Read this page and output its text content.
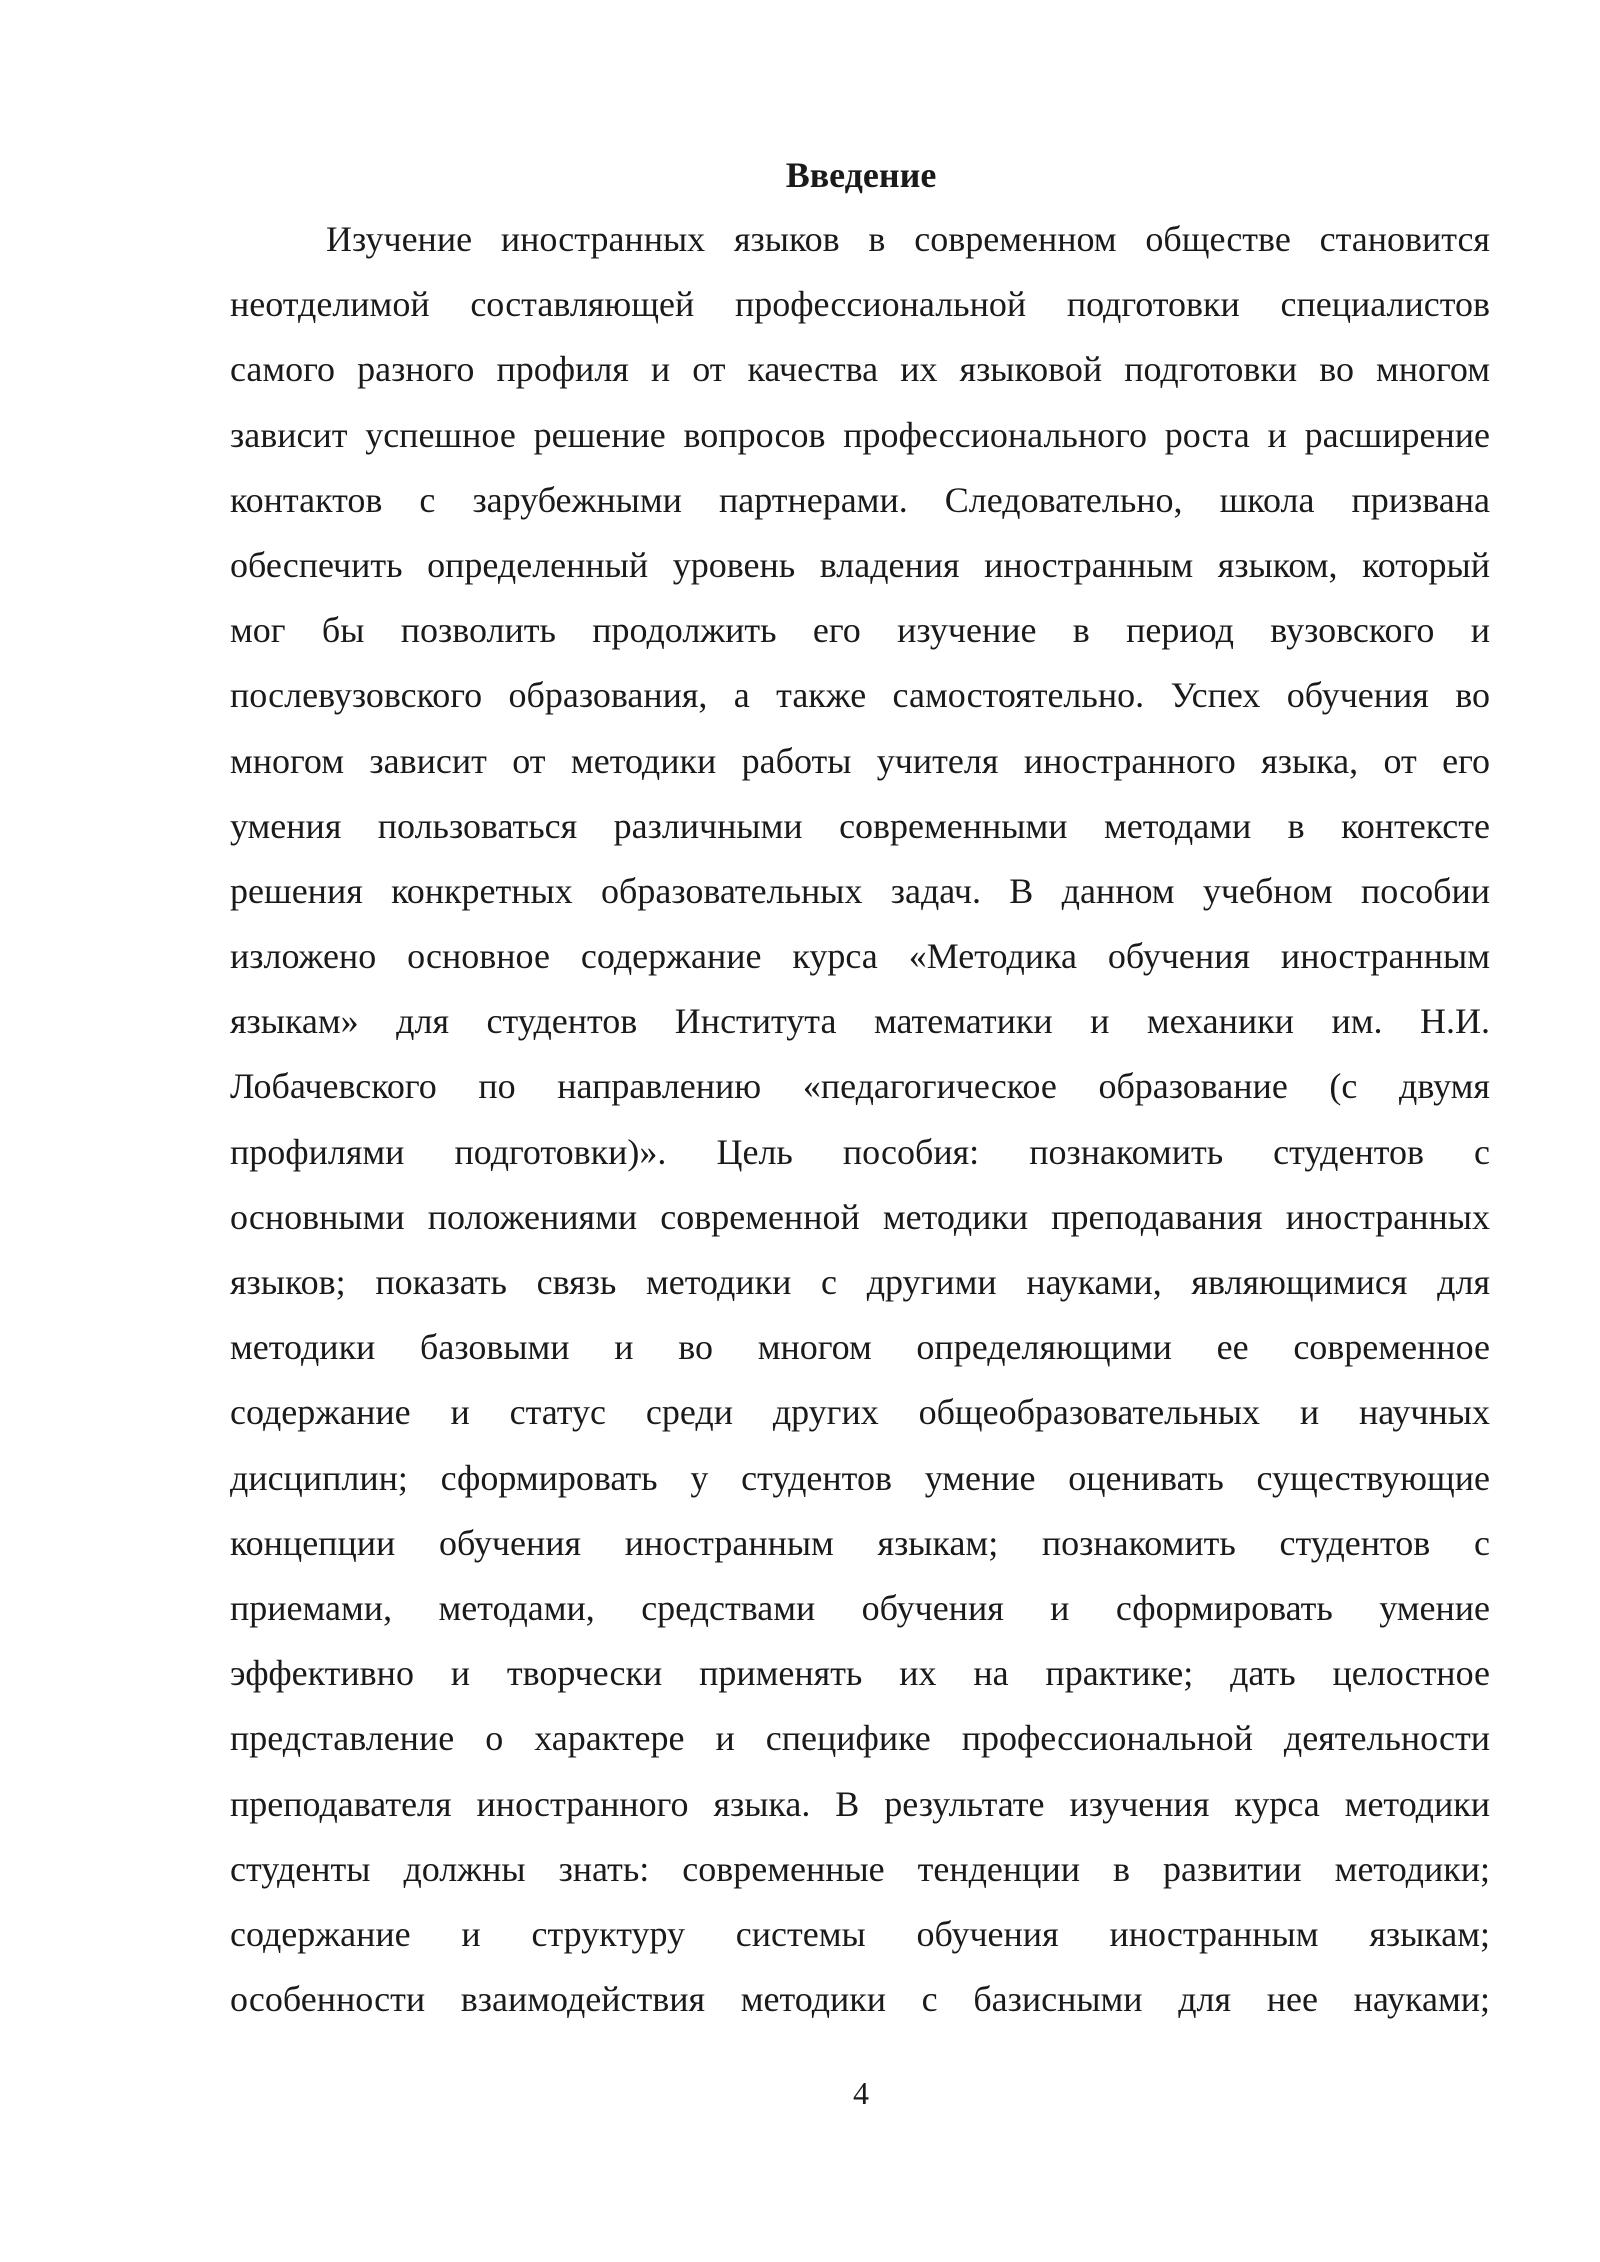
Введение
Изучение иностранных языков в современном обществе становится
неотделимой составляющей профессиональной подготовки специалистов
самого разного профиля и от качества их языковой подготовки во многом
зависит успешное решение вопросов профессионального роста и расширение
контактов с зарубежными партнерами. Следовательно, школа призвана
обеспечить определенный уровень владения иностранным языком, который
мог бы позволить продолжить его изучение в период вузовского и
послевузовского образования, а также самостоятельно. Успех обучения во
многом зависит от методики работы учителя иностранного языка, от его
умения пользоваться различными современными методами в контексте
решения конкретных образовательных задач. В данном учебном пособии
изложено основное содержание курса «Методика обучения иностранным
языкам» для студентов Института математики и механики им. Н.И.
Лобачевского по направлению «педагогическое образование (с двумя
профилями подготовки)». Цель пособия: познакомить студентов с
основными положениями современной методики преподавания иностранных
языков; показать связь методики с другими науками, являющимися для
методики базовыми и во многом определяющими ее современное
содержание и статус среди других общеобразовательных и научных
дисциплин; сформировать у студентов умение оценивать существующие
концепции обучения иностранным языкам; познакомить студентов с
приемами, методами, средствами обучения и сформировать умение
эффективно и творчески применять их на практике; дать целостное
представление о характере и специфике профессиональной деятельности
преподавателя иностранного языка. В результате изучения курса методики
студенты должны знать: современные тенденции в развитии методики;
содержание и структуру системы обучения иностранным языкам;
особенности взаимодействия методики с базисными для нее науками;
4
